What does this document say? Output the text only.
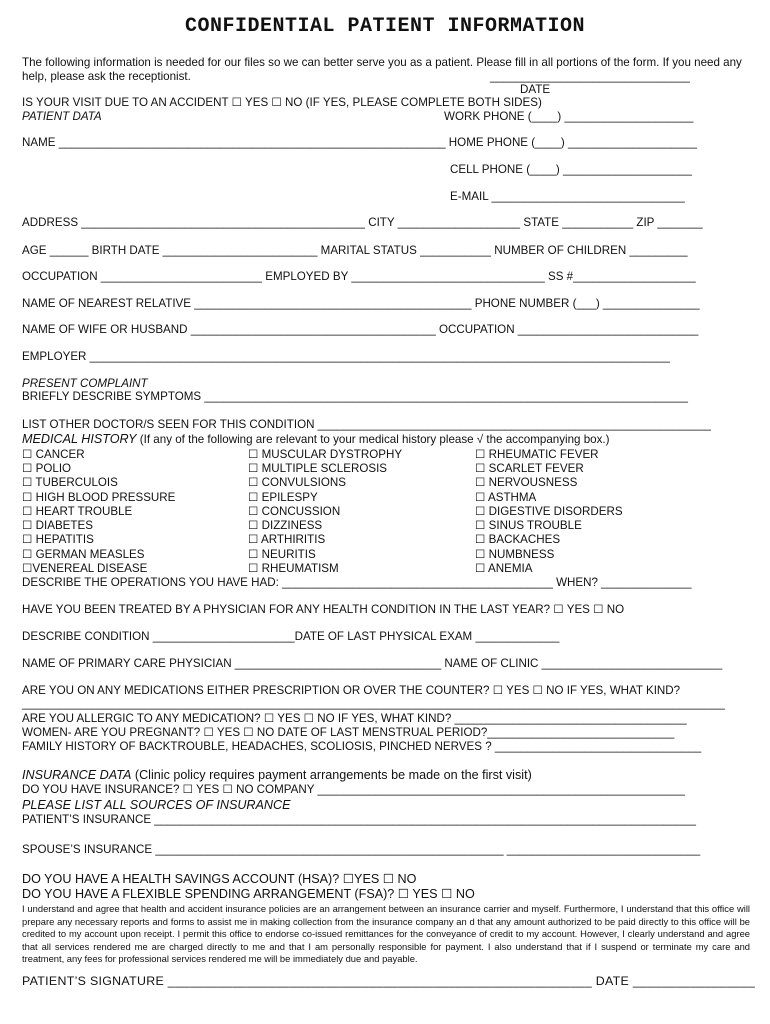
CONFIDENTIAL PATIENT INFORMATION
The following information is needed for our files so we can better serve you as a patient. Please fill in all portions of the form. If you need any help, please ask the receptionist.	_______________________________
DATE
IS YOUR VISIT DUE TO AN ACCIDENT ☐ YES ☐ NO (IF YES, PLEASE COMPLETE BOTH SIDES)
PATIENT DATA	WORK PHONE (____) ____________________
NAME ____________________________________________________________ HOME PHONE (____) ____________________
CELL PHONE (____) ____________________
E-MAIL ______________________________
ADDRESS ____________________________________________ CITY ___________________ STATE ___________ ZIP _______
AGE ______ BIRTH DATE ________________________ MARITAL STATUS ___________ NUMBER OF CHILDREN _________
OCCUPATION _________________________ EMPLOYED BY ______________________________ SS #___________________
NAME OF NEAREST RELATIVE ___________________________________________ PHONE NUMBER (___) _______________
NAME OF WIFE OR HUSBAND ______________________________________ OCCUPATION ____________________________
EMPLOYER __________________________________________________________________________________________
PRESENT COMPLAINT
BRIEFLY DESCRIBE SYMPTOMS ___________________________________________________________________________
LIST OTHER DOCTOR/S SEEN FOR THIS CONDITION _____________________________________________________________
MEDICAL HISTORY (If any of the following are relevant to your medical history please √ the accompanying box.)
☐ CANCER
☐ POLIO
☐ TUBERCULOIS
☐ HIGH BLOOD PRESSURE
☐ HEART TROUBLE
☐ DIABETES
☐ HEPATITIS
☐ GERMAN MEASLES
☐VENEREAL DISEASE
☐ MUSCULAR DYSTROPHY
☐ MULTIPLE SCLEROSIS
☐ CONVULSIONS
☐ EPILESPY
☐ CONCUSSION
☐ DIZZINESS
☐ ARTHIRITIS
☐ NEURITIS
☐ RHEUMATISM
☐ RHEUMATIC FEVER
☐ SCARLET FEVER
☐ NERVOUSNESS
☐ ASTHMA
☐ DIGESTIVE DISORDERS
☐ SINUS TROUBLE
☐ BACKACHES
☐ NUMBNESS
☐ ANEMIA
DESCRIBE THE OPERATIONS YOU HAVE HAD: __________________________________________ WHEN? ______________
HAVE YOU BEEN TREATED BY A PHYSICIAN FOR ANY HEALTH CONDITION IN THE LAST YEAR? ☐ YES ☐ NO
DESCRIBE CONDITION ______________________DATE OF LAST PHYSICAL EXAM _____________
NAME OF PRIMARY CARE PHYSICIAN ________________________________ NAME OF CLINIC ____________________________
ARE YOU ON ANY MEDICATIONS EITHER PRESCRIPTION OR OVER THE COUNTER? ☐ YES ☐ NO IF YES, WHAT KIND?
_____________________________________________________________________________________________________________
ARE YOU ALLERGIC TO ANY MEDICATION? ☐ YES ☐ NO IF YES, WHAT KIND? ____________________________________
WOMEN- ARE YOU PREGNANT? ☐ YES ☐ NO DATE OF LAST MENSTRUAL PERIOD?_____________________________
FAMILY HISTORY OF BACKTROUBLE, HEADACHES, SCOLIOSIS, PINCHED NERVES ? ________________________________
INSURANCE DATA (Clinic policy requires payment arrangements be made on the first visit)
DO YOU HAVE INSURANCE? ☐ YES ☐ NO COMPANY _________________________________________________________
PLEASE LIST ALL SOURCES OF INSURANCE
PATIENT’S INSURANCE ____________________________________________________________________________________
SPOUSE’S INSURANCE ______________________________________________________ ______________________________
DO YOU HAVE A HEALTH SAVINGS ACCOUNT (HSA)? ☐YES ☐ NO
DO YOU HAVE A FLEXIBLE SPENDING ARRANGEMENT (FSA)? ☐ YES ☐ NO
I understand and agree that health and accident insurance policies are an arrangement between an insurance carrier and myself. Furthermore, I understand that this office will prepare any necessary reports and forms to assist me in making collection from the insurance company an d that any amount authorized to be paid directly to this office will be credited to my account upon receipt. I permit this office to endorse co-issued remittances for the conveyance of credit to my account. However, I clearly understand and agree that all services rendered me are charged directly to me and that I am personally responsible for payment. I also understand that if I suspend or terminate my care and treatment, any fees for professional services rendered me will be immediately due and payable.
PATIENT’S SIGNATURE ___________________________________________________________ DATE _________________
